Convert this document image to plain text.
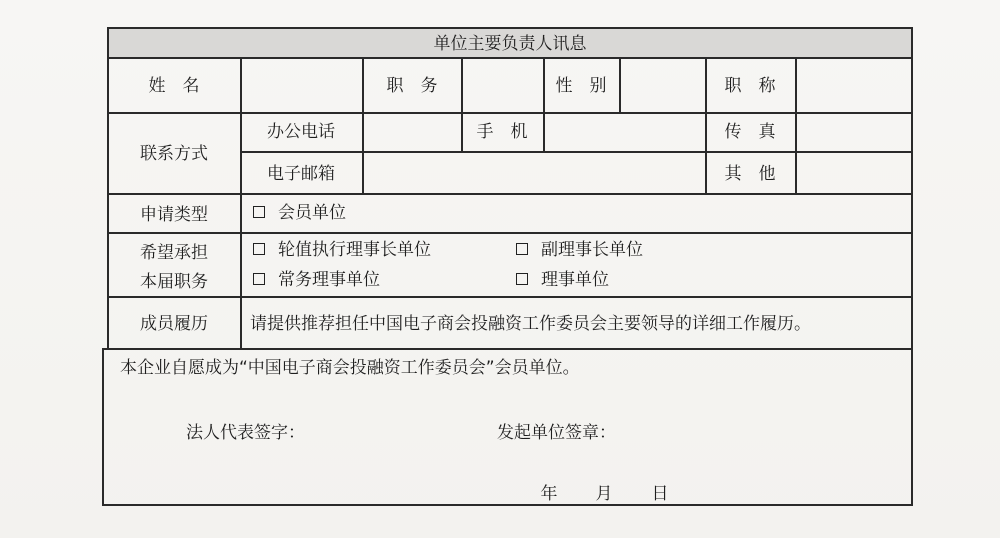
单位主要负责人讯息
姓　名	职　务	性　别	职　称
联系方式
办公电话	手　机	传　真
电子邮箱	其　他
申请类型	会员单位
希望承担
本届职务
轮值执行理事长单位	副理事长单位
常务理事单位	理事单位
成员履历 请提供推荐担任中国电子商会投融资工作委员会主要领导的详细工作履历。
本企业自愿成为“中国电子商会投融资工作委员会”会员单位。
法人代表签字：	发起单位签章：
年 月 日
